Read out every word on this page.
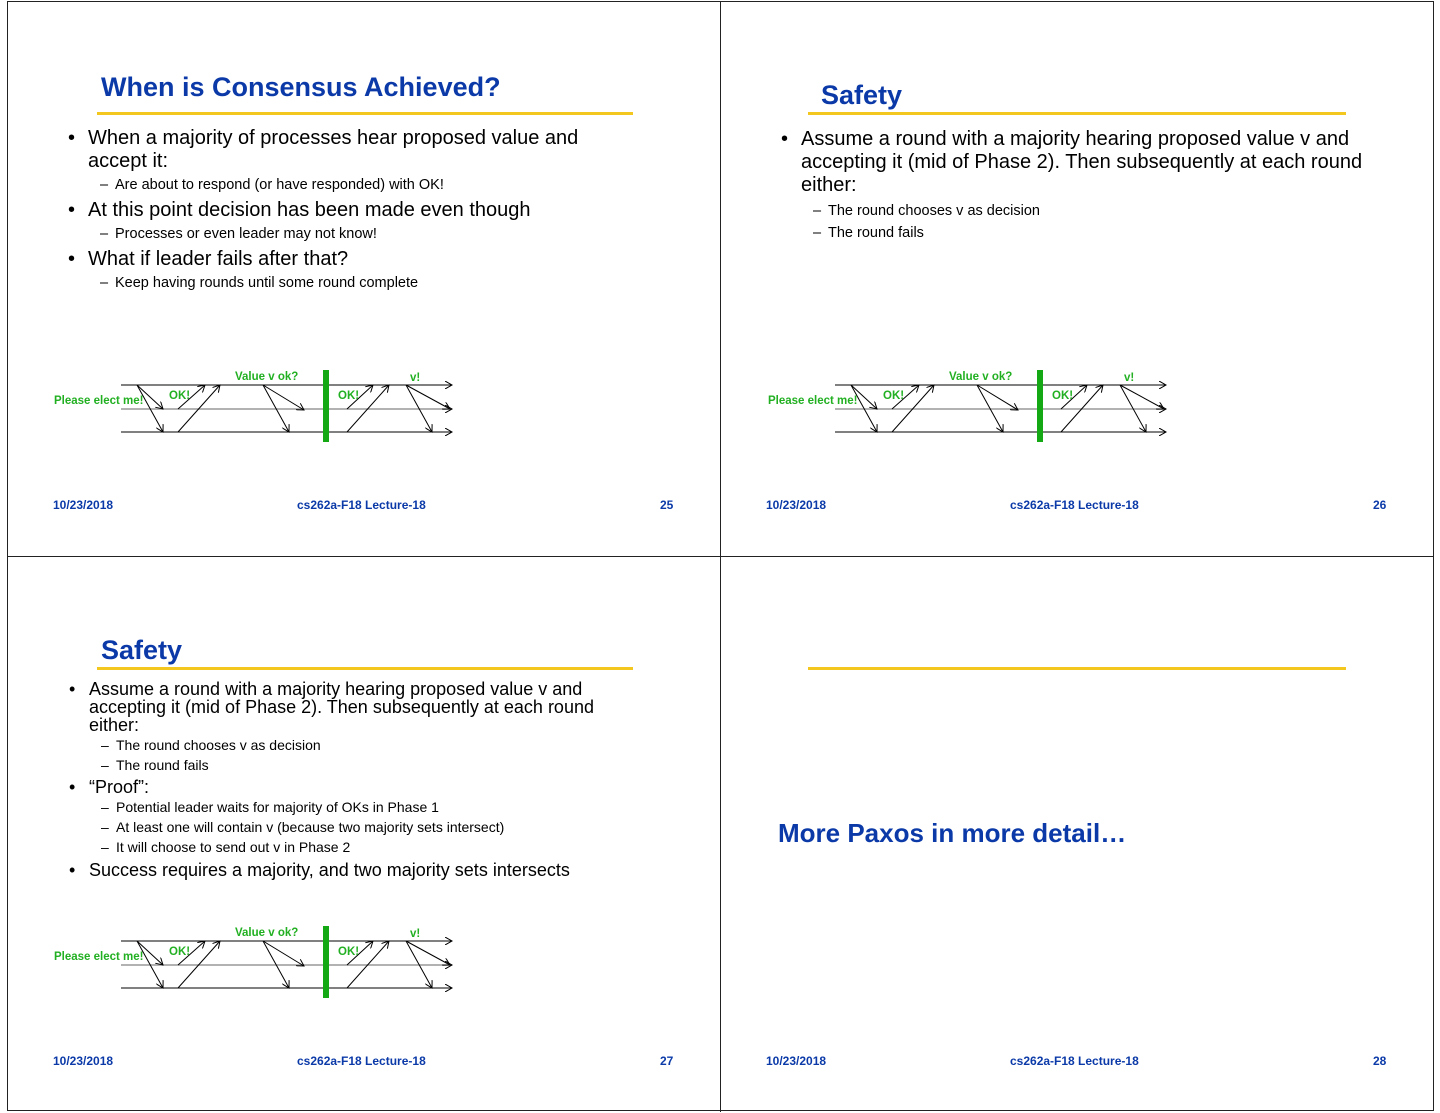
When is Consensus Achieved?
• When a majority of processes hear proposed value and accept it:
– Are about to respond (or have responded) with OK!
• At this point decision has been made even though
– Processes or even leader may not know!
• What if leader fails after that?
– Keep having rounds until some round complete
Please elect me! OK!
Value v ok?
OK!
v!
10/23/2018	cs262a-F18 Lecture-18	25
Safety
• Assume a round with a majority hearing proposed value v and accepting it (mid of Phase 2). Then subsequently at each round either:
– The round chooses v as decision
– The round fails
Please elect me! OK!
Value v ok?
OK!
v!
10/23/2018	cs262a-F18 Lecture-18	26
Safety
• Assume a round with a majority hearing proposed value v and accepting it (mid of Phase 2). Then subsequently at each round either:
– The round chooses v as decision
– The round fails
• “Proof”:
– Potential leader waits for majority of OKs in Phase 1
– At least one will contain v (because two majority sets intersect)
– It will choose to send out v in Phase 2
• Success requires a majority, and two majority sets intersects
Please elect me! OK!
Value v ok?
OK!
v!
10/23/2018	cs262a-F18 Lecture-18	27
More Paxos in more detail…
10/23/2018	cs262a-F18 Lecture-18	28
